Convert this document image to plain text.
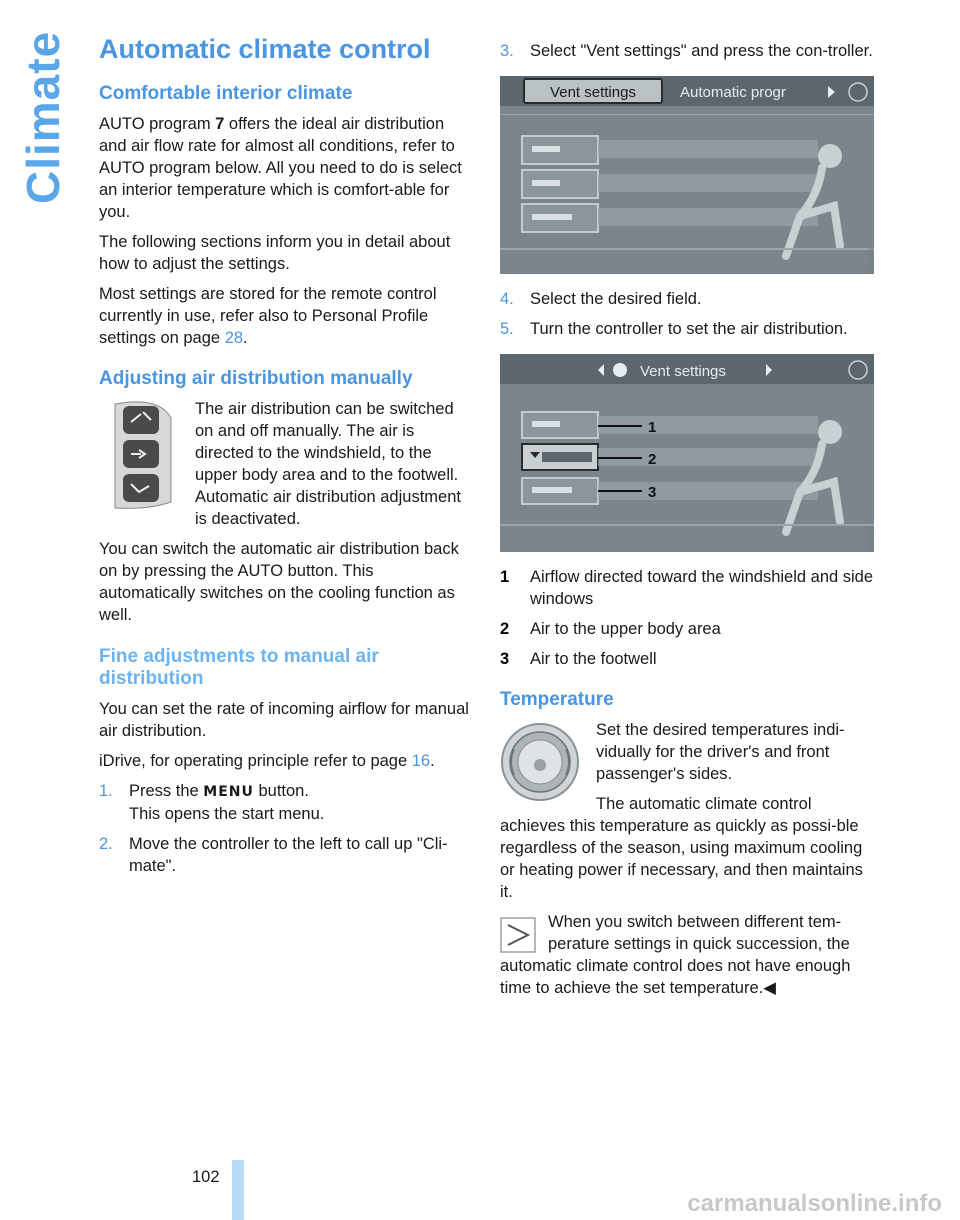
Climate Automatic climate control
Comfortable interior climate

AUTO program 7 offers the ideal air distribution and air flow rate for almost all conditions, refer to AUTO program below. All you need to do is select an interior temperature which is comfort-able for you.

The following sections inform you in detail about how to adjust the settings.

Most settings are stored for the remote control currently in use, refer also to Personal Profile settings on page 28.

Adjusting air distribution manually

The air distribution can be switched on and off manually. The air is directed to the windshield, to the upper body area and to the footwell. Automatic air distribution adjustment is deactivated.

You can switch the automatic air distribution back on by pressing the AUTO button. This automatically switches on the cooling function as well.

Fine adjustments to manual air distribution

You can set the rate of incoming airflow for manual air distribution.

iDrive, for operating principle refer to page 16.

1. Press the MENU button.
This opens the start menu.
2. Move the controller to the left to call up "Cli-mate".
3. Select "Vent settings" and press the con-troller.
Vent settings	Automatic progr
MV01093EA
4. Select the desired field.
5. Turn the controller to set the air distribution.
Vent settings
1
2
3
MV01459EA
1	Airflow directed toward the windshield and side windows
2	Air to the upper body area
3	Air to the footwell
Temperature

Set the desired temperatures indi-vidually for the driver's and front passenger's sides.

The automatic climate control achieves this temperature as quickly as possi-ble regardless of the season, using maximum cooling or heating power if necessary, and then maintains it.

When you switch between different tem-perature settings in quick succession, the automatic climate control does not have enough time to achieve the set temperature.◀

102
carmanualsonline.info
